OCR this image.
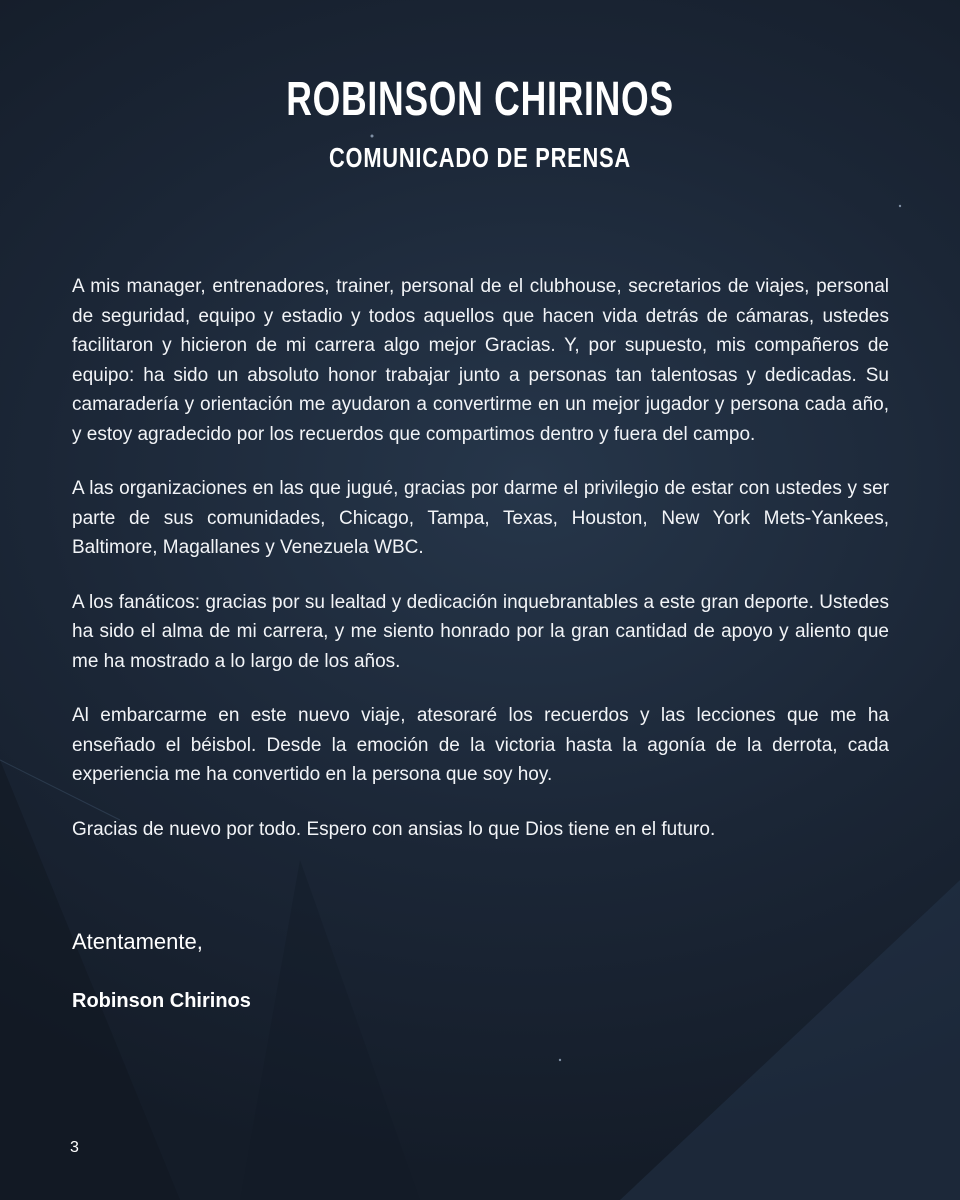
ROBINSON CHIRINOS
COMUNICADO DE PRENSA

A mis manager, entrenadores, trainer, personal de el clubhouse, secretarios de viajes, personal de seguridad, equipo y estadio y todos aquellos que hacen vida detrás de cámaras, ustedes facilitaron y hicieron de mi carrera algo mejor Gracias. Y, por supuesto, mis compañeros de equipo: ha sido un absoluto honor trabajar junto a personas tan talentosas y dedicadas. Su camaradería y orientación me ayudaron a convertirme en un mejor jugador y persona cada año, y estoy agradecido por los recuerdos que compartimos dentro y fuera del campo.

A las organizaciones en las que jugué, gracias por darme el privilegio de estar con ustedes y ser parte de sus comunidades, Chicago, Tampa, Texas, Houston, New York Mets-Yankees, Baltimore, Magallanes y Venezuela WBC.

A los fanáticos: gracias por su lealtad y dedicación inquebrantables a este gran deporte. Ustedes ha sido el alma de mi carrera, y me siento honrado por la gran cantidad de apoyo y aliento que me ha mostrado a lo largo de los años.

Al embarcarme en este nuevo viaje, atesoraré los recuerdos y las lecciones que me ha enseñado el béisbol. Desde la emoción de la victoria hasta la agonía de la derrota, cada experiencia me ha convertido en la persona que soy hoy.

Gracias de nuevo por todo. Espero con ansias lo que Dios tiene en el futuro.

Atentamente,
Robinson Chirinos
3
